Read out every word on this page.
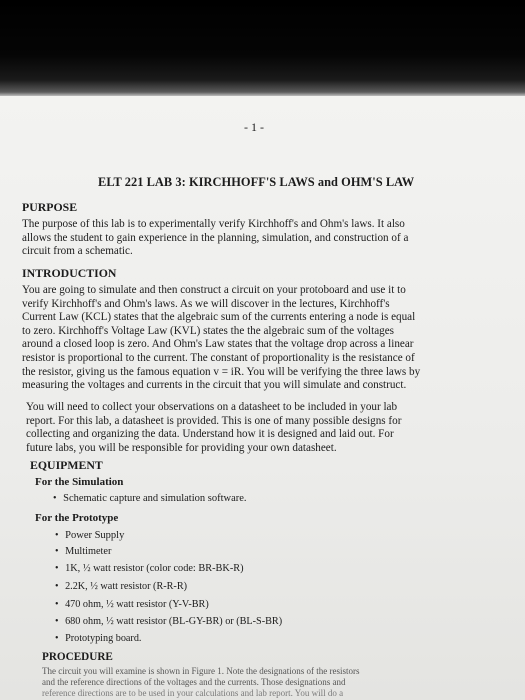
- 1 -
ELT 221 LAB 3: KIRCHHOFF'S LAWS and OHM'S LAW
PURPOSE
The purpose of this lab is to experimentally verify Kirchhoff's and Ohm's laws. It also
allows the student to gain experience in the planning, simulation, and construction of a
circuit from a schematic.
INTRODUCTION
You are going to simulate and then construct a circuit on your protoboard and use it to
verify Kirchhoff's and Ohm's laws. As we will discover in the lectures, Kirchhoff's
Current Law (KCL) states that the algebraic sum of the currents entering a node is equal
to zero. Kirchhoff's Voltage Law (KVL) states the the algebraic sum of the voltages
around a closed loop is zero. And Ohm's Law states that the voltage drop across a linear
resistor is proportional to the current. The constant of proportionality is the resistance of
the resistor, giving us the famous equation v = iR. You will be verifying the three laws by
measuring the voltages and currents in the circuit that you will simulate and construct.
You will need to collect your observations on a datasheet to be included in your lab
report. For this lab, a datasheet is provided. This is one of many possible designs for
collecting and organizing the data. Understand how it is designed and laid out. For
future labs, you will be responsible for providing your own datasheet.
EQUIPMENT
For the Simulation
• Schematic capture and simulation software.
For the Prototype
• Power Supply
• Multimeter
• 1K, ½ watt resistor (color code: BR-BK-R)
• 2.2K, ½ watt resistor (R-R-R)
• 470 ohm, ½ watt resistor (Y-V-BR)
• 680 ohm, ½ watt resistor (BL-GY-BR) or (BL-S-BR)
• Prototyping board.
PROCEDURE
The circuit you will examine is shown in Figure 1. Note the designations of the resistors
and the reference directions of the voltages and the currents. Those designations and
reference directions are to be used in your calculations and lab report. You will do a
